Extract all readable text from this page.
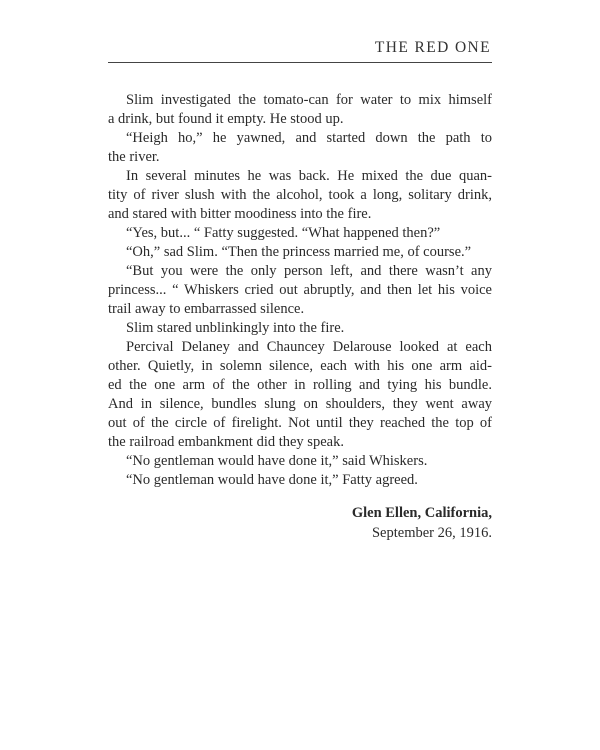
THE RED ONE
Slim investigated the tomato-can for water to mix himself
a drink, but found it empty. He stood up.
“Heigh ho,” he yawned, and started down the path to
the river.
In several minutes he was back. He mixed the due quan-
tity of river slush with the alcohol, took a long, solitary drink,
and stared with bitter moodiness into the fire.
“Yes, but... “ Fatty suggested. “What happened then?”
“Oh,” sad Slim. “Then the princess married me, of course.”
“But you were the only person left, and there wasn’t any
princess... “ Whiskers cried out abruptly, and then let his voice
trail away to embarrassed silence.
Slim stared unblinkingly into the fire.
Percival Delaney and Chauncey Delarouse looked at each
other. Quietly, in solemn silence, each with his one arm aid-
ed the one arm of the other in rolling and tying his bundle.
And in silence, bundles slung on shoulders, they went away
out of the circle of firelight. Not until they reached the top of
the railroad embankment did they speak.
“No gentleman would have done it,” said Whiskers.
“No gentleman would have done it,” Fatty agreed.
Glen Ellen, California,
September 26, 1916.
